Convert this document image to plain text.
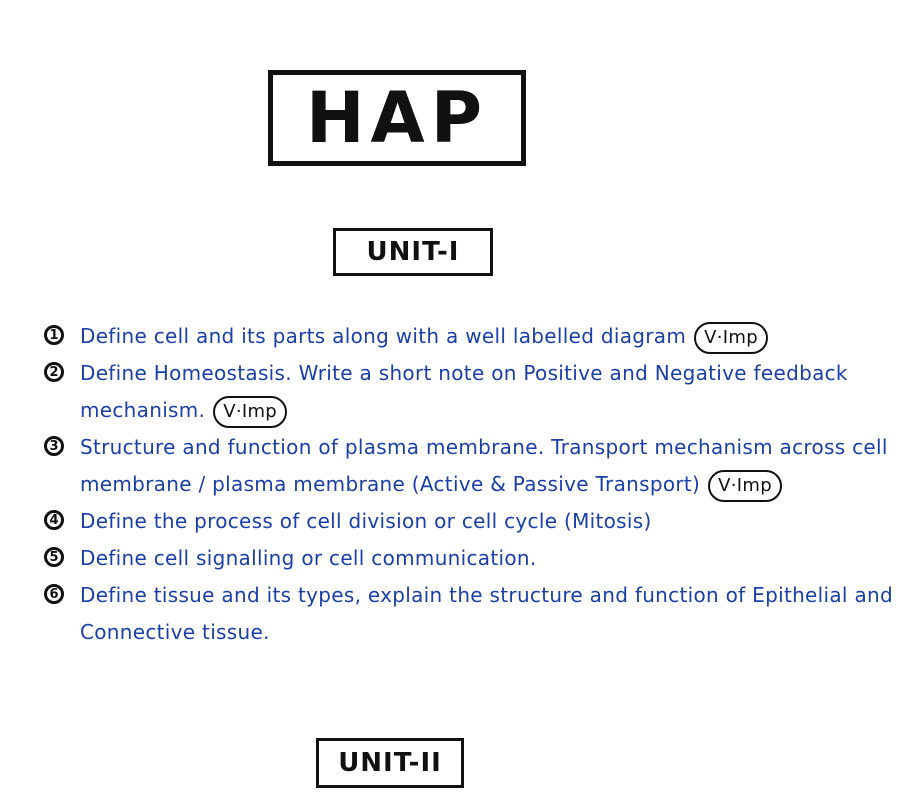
HAP
UNIT-I
1 Define cell and its parts along with a well labelled diagram V·Imp
2 Define Homeostasis. Write a short note on Positive and Negative feedback mechanism. V·Imp
3 Structure and function of plasma membrane. Transport mechanism across cell membrane / plasma membrane (Active & Passive Transport) V·Imp
4 Define the process of cell division or cell cycle (Mitosis)
5 Define cell signalling or cell communication.
6 Define tissue and its types, explain the structure and function of Epithelial and Connective tissue.
UNIT-II
